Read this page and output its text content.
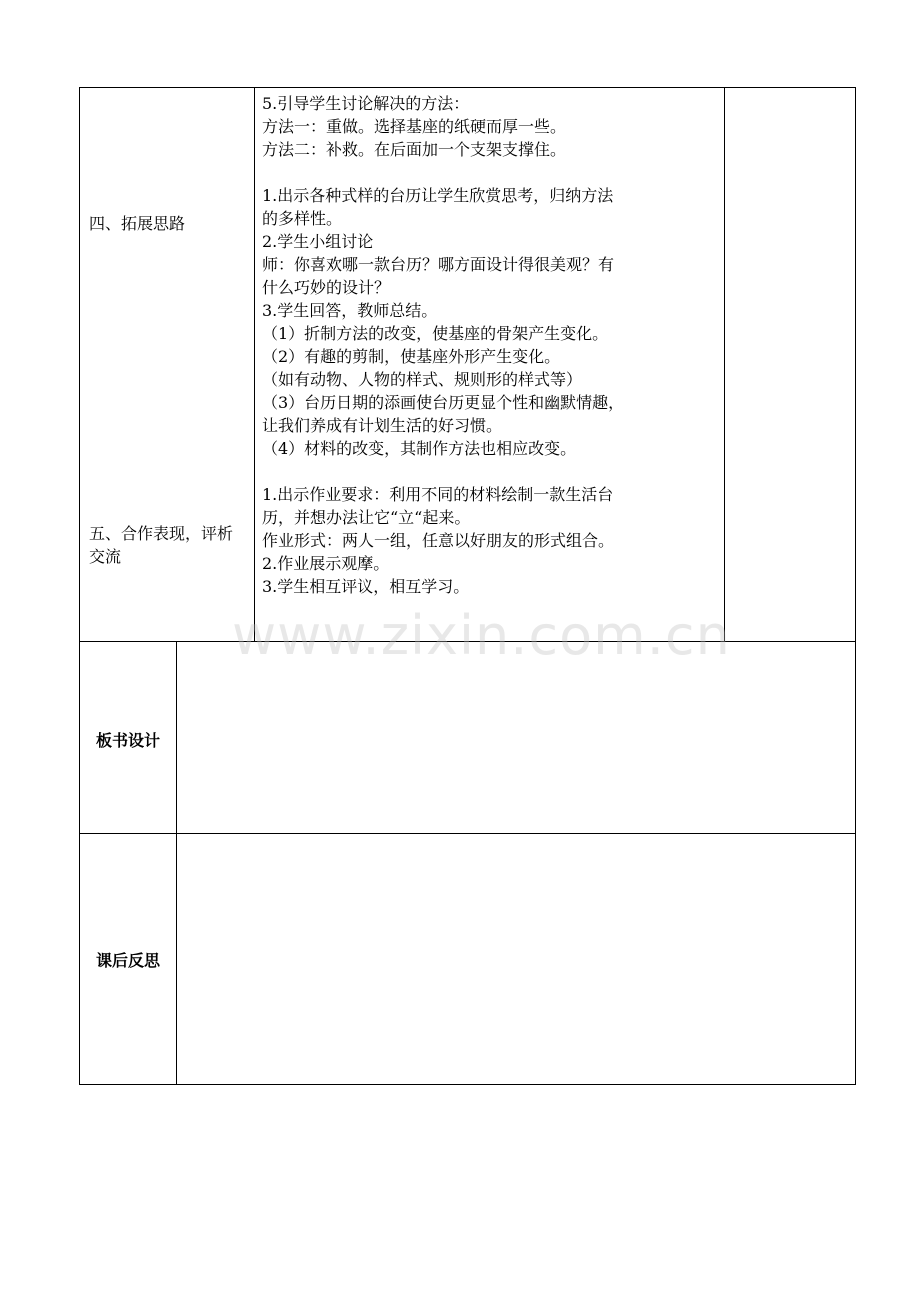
四、拓展思路
五、合作表现，评析
交流
5.引导学生讨论解决的方法：
方法一：重做。选择基座的纸硬而厚一些。
方法二：补救。在后面加一个支架支撑住。
1.出示各种式样的台历让学生欣赏思考，归纳方法
的多样性。
2.学生小组讨论
师：你喜欢哪一款台历？哪方面设计得很美观？有
什么巧妙的设计？
3.学生回答，教师总结。
（1）折制方法的改变，使基座的骨架产生变化。
（2）有趣的剪制，使基座外形产生变化。
（如有动物、人物的样式、规则形的样式等）
（3）台历日期的添画使台历更显个性和幽默情趣，
让我们养成有计划生活的好习惯。
（4）材料的改变，其制作方法也相应改变。
1.出示作业要求：利用不同的材料绘制一款生活台
历，并想办法让它“立“起来。
作业形式：两人一组，任意以好朋友的形式组合。
2.作业展示观摩。
3.学生相互评议，相互学习。
板书设计
课后反思
www.zixin.com.cn
